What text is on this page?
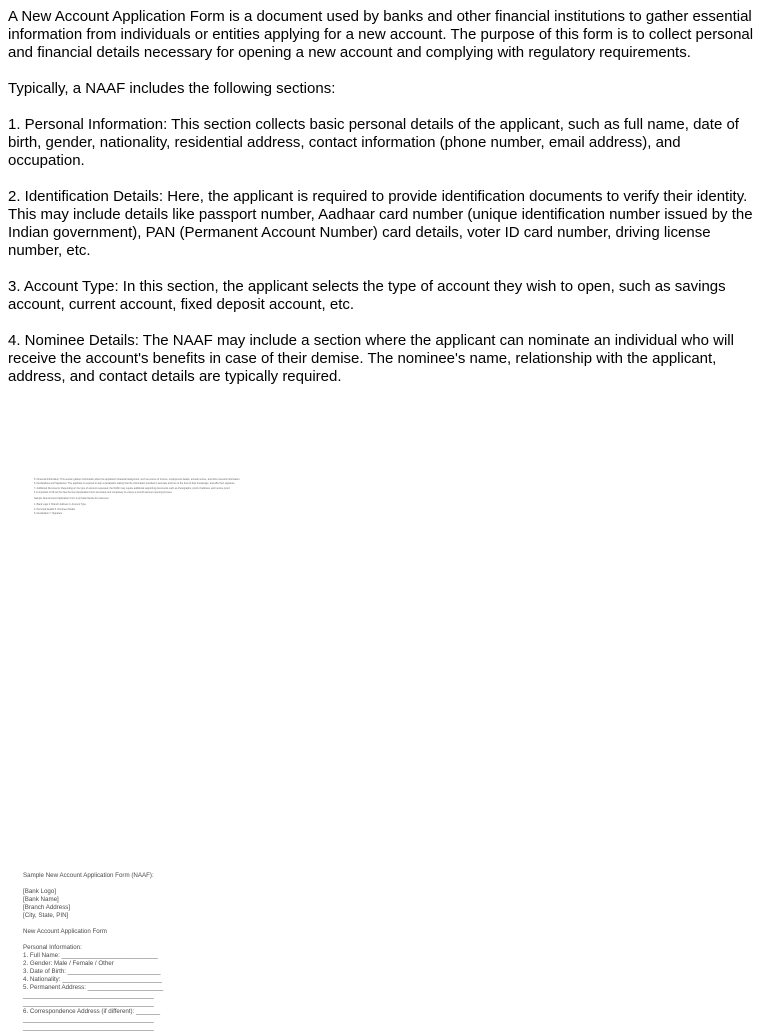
A New Account Application Form is a document used by banks and other financial institutions to gather essential information from individuals or entities applying for a new account. The purpose of this form is to collect personal and financial details necessary for opening a new account and complying with regulatory requirements.

Typically, a NAAF includes the following sections:

1. Personal Information: This section collects basic personal details of the applicant, such as full name, date of birth, gender, nationality, residential address, contact information (phone number, email address), and occupation.

2. Identification Details: Here, the applicant is required to provide identification documents to verify their identity. This may include details like passport number, Aadhaar card number (unique identification number issued by the Indian government), PAN (Permanent Account Number) card details, voter ID card number, driving license number, etc.

3. Account Type: In this section, the applicant selects the type of account they wish to open, such as savings account, current account, fixed deposit account, etc.

4. Nominee Details: The NAAF may include a section where the applicant can nominate an individual who will receive the account's benefits in case of their demise. The nominee's name, relationship with the applicant, address, and contact details are typically required.

5. Financial Information: This section gathers information about the applicant's financial background, such as source of income, employment details, annual income, and other relevant information.

6. Declarations and Signatures: The applicant is required to sign a declaration stating that the information provided is accurate and true to the best of their knowledge, and affix their signature.

7. Additional Documents: Depending on the type of account requested, the NAAF may require additional supporting documents such as photographs, proof of address, and income proof.

It is important to fill out the New Account Application Form accurately and completely to ensure a smooth account opening process.

Sample New Account Application Form is provided below for reference:

1. Bank Logo 2. Branch Address 3. Account Type

4. Personal Details 5. Nominee Details

6. Declaration 7. Signature

Sample New Account Application Form (NAAF):

[Bank Logo]

[Bank Name]

[Branch Address]

[City, State, PIN]

New Account Application Form

Personal Information:

1. Full Name: ____________________________

2. Gender: Male / Female / Other

3. Date of Birth: ___________________________

4. Nationality: _____________________________

5. Permanent Address: ______________________

______________________________________

______________________________________

6. Correspondence Address (if different): _______

______________________________________

______________________________________
